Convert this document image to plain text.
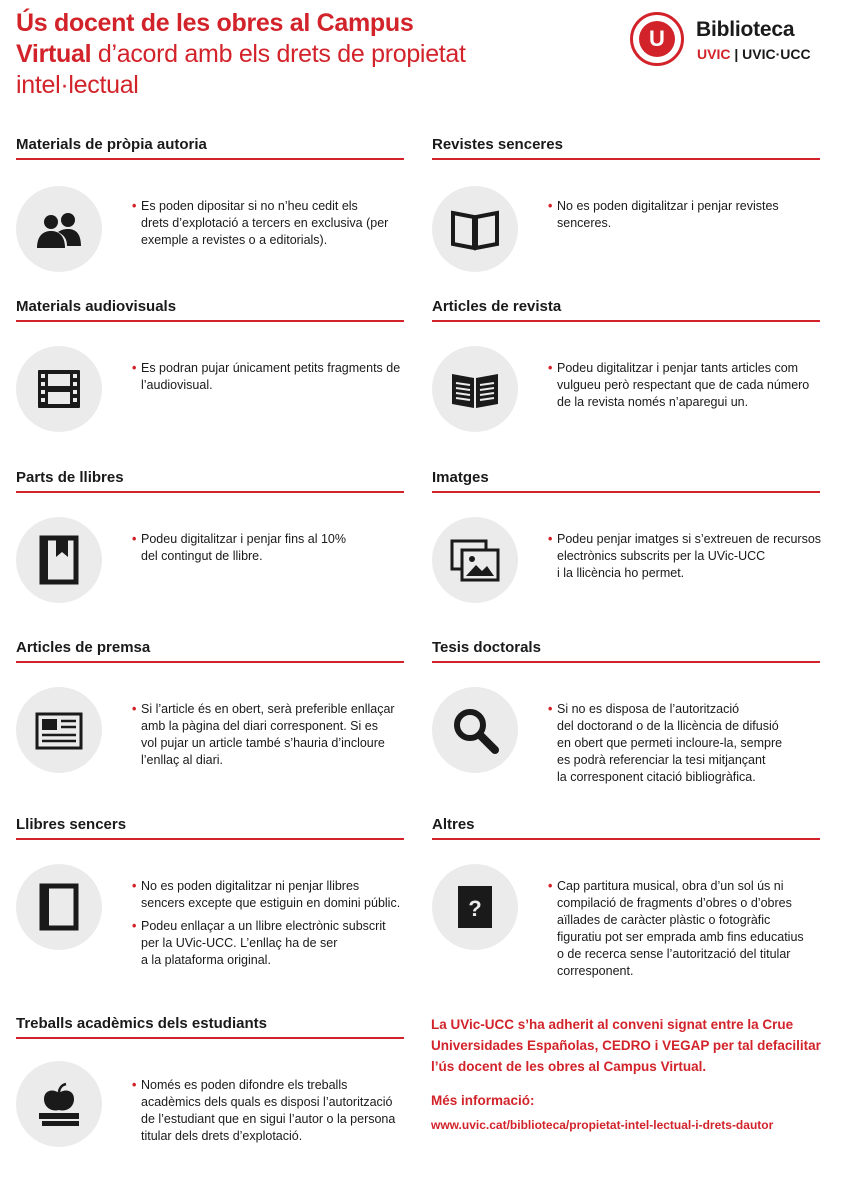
Ús docent de les obres al Campus
Virtual d’acord amb els drets de propietat
intel·lectual
U	Biblioteca
UVIC | UVIC·UCC
Materials de pròpia autoria
• Es poden dipositar si no n’heu cedit els
drets d’explotació a tercers en exclusiva (per
exemple a revistes o a editorials).
Revistes senceres
• No es poden digitalitzar i penjar revistes
senceres.
Materials audiovisuals
• Es podran pujar únicament petits fragments de
l’audiovisual.
Articles de revista
• Podeu digitalitzar i penjar tants articles com
vulgueu però respectant que de cada número
de la revista només n’aparegui un.
Parts de llibres
• Podeu digitalitzar i penjar fins al 10%
del contingut de llibre.
Imatges
• Podeu penjar imatges si s’extreuen de recursos
electrònics subscrits per la UVic-UCC
i la llicència ho permet.
Articles de premsa
• Si l’article és en obert, serà preferible enllaçar
amb la pàgina del diari corresponent. Si es
vol pujar un article també s’hauria d’incloure
l’enllaç al diari.
Tesis doctorals
• Si no es disposa de l’autorització
del doctorand o de la llicència de difusió
en obert que permeti incloure-la, sempre
es podrà referenciar la tesi mitjançant
la corresponent citació bibliogràfica.
Llibres sencers
• No es poden digitalitzar ni penjar llibres
sencers excepte que estiguin en domini públic.
• Podeu enllaçar a un llibre electrònic subscrit
per la UVic-UCC. L’enllaç ha de ser
a la plataforma original.
Altres
?
• Cap partitura musical, obra d’un sol ús ni
compilació de fragments d’obres o d’obres
aïllades de caràcter plàstic o fotogràfic
figuratiu pot ser emprada amb fins educatius
o de recerca sense l’autorització del titular
corresponent.
Treballs acadèmics dels estudiants
• Només es poden difondre els treballs
acadèmics dels quals es disposi l’autorització
de l’estudiant que en sigui l’autor o la persona
titular dels drets d’explotació.
La UVic-UCC s’ha adherit al conveni signat entre la Crue Universidades Españolas, CEDRO i VEGAP per tal defacilitar l’ús docent de les obres al Campus Virtual.
Més informació:
www.uvic.cat/biblioteca/propietat-intel-lectual-i-drets-dautor
